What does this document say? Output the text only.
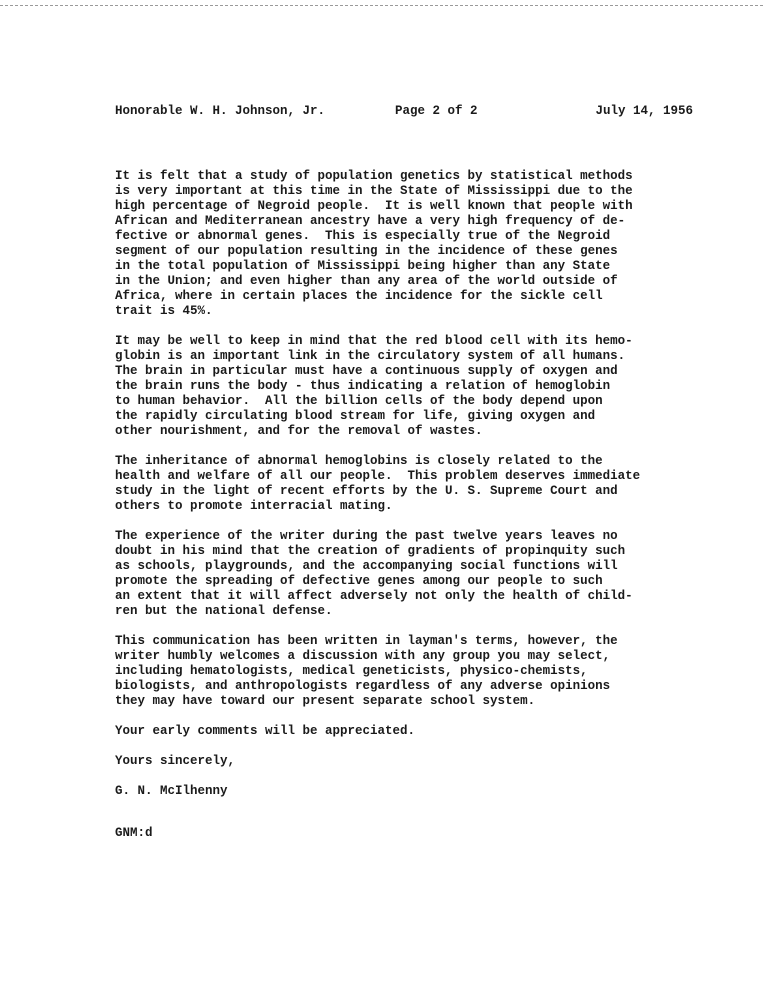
Honorable W. H. Johnson, Jr.	Page 2 of 2	July 14, 1956
It is felt that a study of population genetics by statistical methods
is very important at this time in the State of Mississippi due to the
high percentage of Negroid people.  It is well known that people with
African and Mediterranean ancestry have a very high frequency of de-
fective or abnormal genes.  This is especially true of the Negroid
segment of our population resulting in the incidence of these genes
in the total population of Mississippi being higher than any State
in the Union; and even higher than any area of the world outside of
Africa, where in certain places the incidence for the sickle cell
trait is 45%.
It may be well to keep in mind that the red blood cell with its hemo-
globin is an important link in the circulatory system of all humans.
The brain in particular must have a continuous supply of oxygen and
the brain runs the body - thus indicating a relation of hemoglobin
to human behavior.  All the billion cells of the body depend upon
the rapidly circulating blood stream for life, giving oxygen and
other nourishment, and for the removal of wastes.
The inheritance of abnormal hemoglobins is closely related to the
health and welfare of all our people.  This problem deserves immediate
study in the light of recent efforts by the U. S. Supreme Court and
others to promote interracial mating.
The experience of the writer during the past twelve years leaves no
doubt in his mind that the creation of gradients of propinquity such
as schools, playgrounds, and the accompanying social functions will
promote the spreading of defective genes among our people to such
an extent that it will affect adversely not only the health of child-
ren but the national defense.
This communication has been written in layman's terms, however, the
writer humbly welcomes a discussion with any group you may select,
including hematologists, medical geneticists, physico-chemists,
biologists, and anthropologists regardless of any adverse opinions
they may have toward our present separate school system.
Your early comments will be appreciated.
Yours sincerely,
G. N. McIlhenny
GNM:d
